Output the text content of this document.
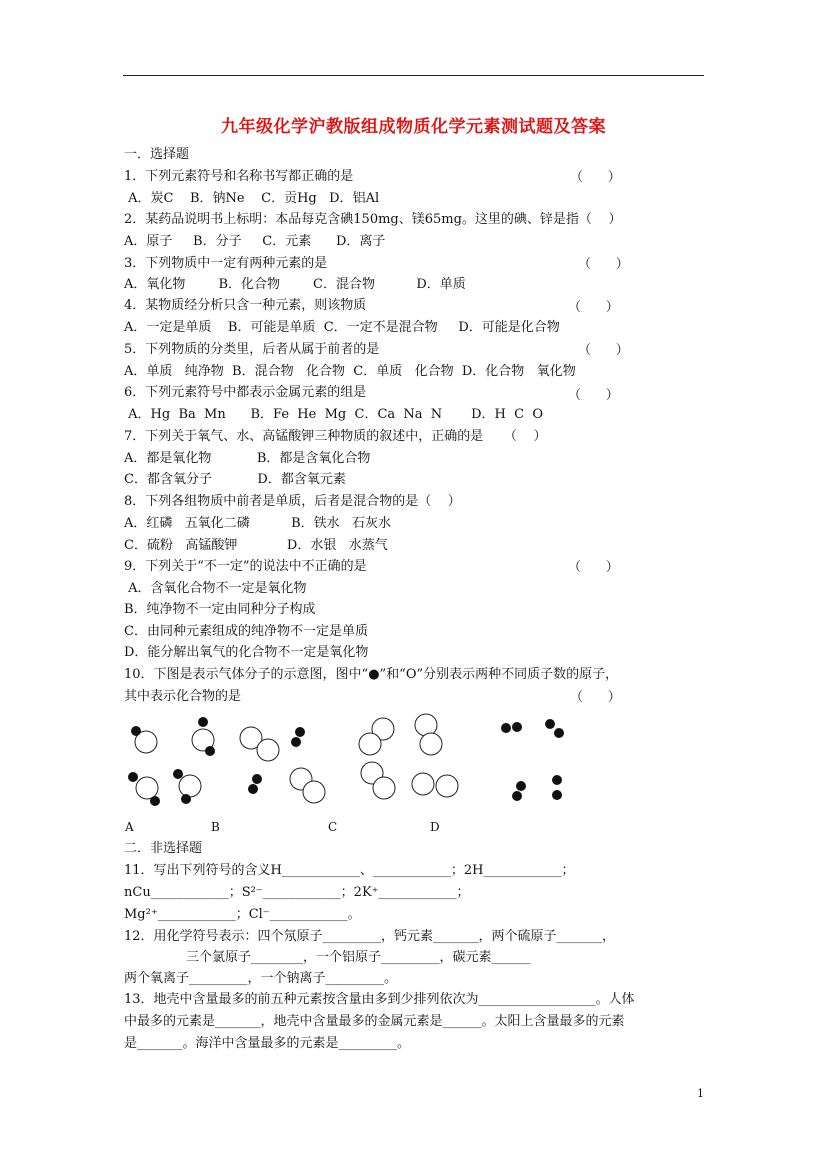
九年级化学沪教版组成物质化学元素测试题及答案
一．选择题
1．下列元素符号和名称书写都正确的是
A．炭C    B．钠Ne    C．贡Hg   D．铝Al
2．某药品说明书上标明：本品每克含碘150mg、镁65mg。这里的碘、锌是指（    ）
A．原子     B．分子     C．元素      D．离子
3．下列物质中一定有两种元素的是
A．氧化物        B．化合物        C．混合物          D．单质
4．某物质经分析只含一种元素，则该物质
A．一定是单质    B．可能是单质  C．一定不是混合物     D．可能是化合物
5．下列物质的分类里，后者从属于前者的是
A．单质   纯净物  B．混合物   化合物  C．单质   化合物  D．化合物   氧化物
6．下列元素符号中都表示金属元素的组是
A．Hg  Ba  Mn      B．Fe  He  Mg  C．Ca  Na  N       D．H  C  O
7．下列关于氧气、水、高锰酸钾三种物质的叙述中，正确的是     （    ）
A．都是氧化物           B．都是含氧化合物
C．都含氧分子           D．都含氧元素
8．下列各组物质中前者是单质，后者是混合物的是（    ）
A．红磷   五氧化二磷          B．铁水   石灰水
C．硫粉   高锰酸钾            D．水银   水蒸气
9．下列关于“不一定”的说法中不正确的是
A．含氧化合物不一定是氧化物
B．纯净物不一定由同种分子构成
C．由同种元素组成的纯净物不一定是单质
D．能分解出氧气的化合物不一定是氧化物
10．下图是表示气体分子的示意图，图中“●”和“O”分别表示两种不同质子数的原子，
其中表示化合物的是
二．非选择题
11．写出下列符号的含义H____________、____________；2H____________；
nCu____________；S²⁻____________；2K⁺____________；
Mg²⁺____________；Cl⁻____________。
12．用化学符号表示：四个氖原子_________，钙元素_______，两个硫原子_______，
三个氯原子________，一个铝原子_________，碳元素______
两个氧离子_________，一个钠离子_________。
13．地壳中含量最多的前五种元素按含量由多到少排列依次为__________________。人体
中最多的元素是_______，地壳中含量最多的金属元素是______。太阳上含量最多的元素
是_______。海洋中含量最多的元素是_________。
（      ）
（      ）
（      ）
（      ）
（      ）
（      ）
（      ）
A	B	C	D
1
